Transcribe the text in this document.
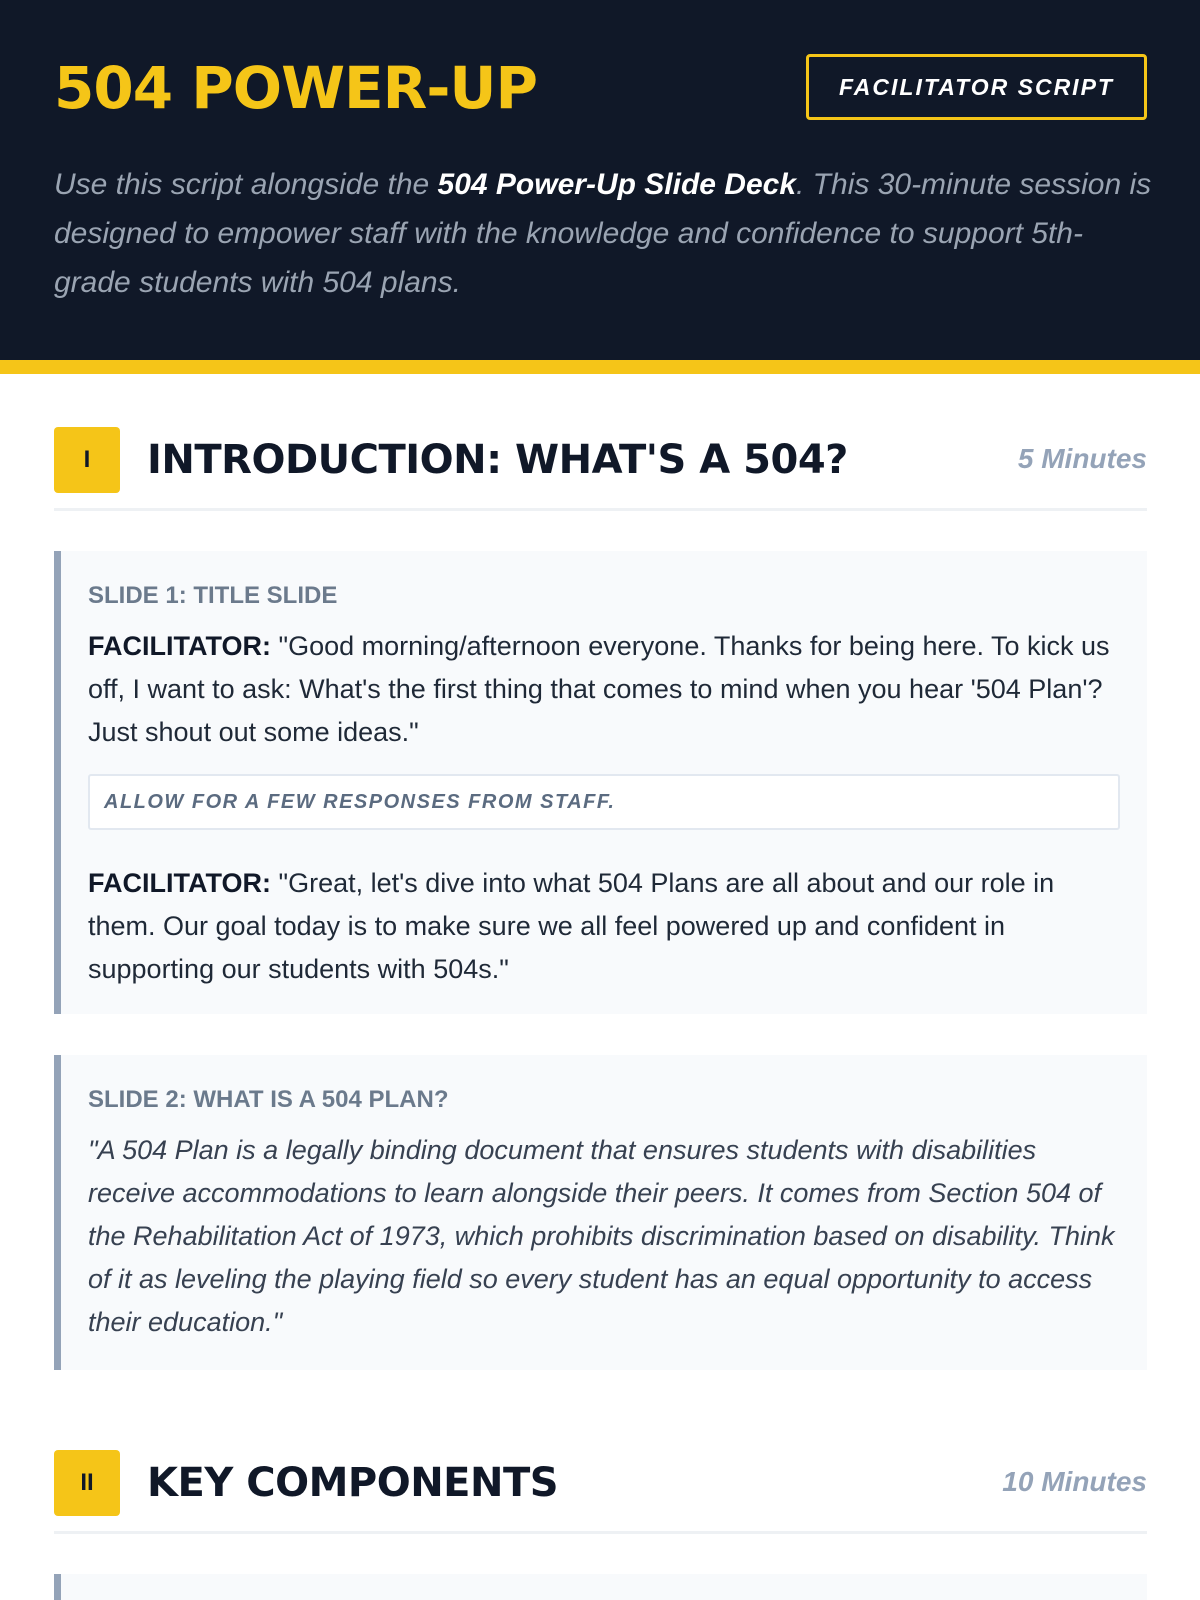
504 POWER-UP	FACILITATOR SCRIPT

Use this script alongside the 504 Power-Up Slide Deck. This 30-minute session is designed to empower staff with the knowledge and confidence to support 5th-grade students with 504 plans.

I	INTRODUCTION: WHAT'S A 504?	5 Minutes
SLIDE 1: TITLE SLIDE

FACILITATOR: "Good morning/afternoon everyone. Thanks for being here. To kick us off, I want to ask: What's the first thing that comes to mind when you hear '504 Plan'? Just shout out some ideas."

ALLOW FOR A FEW RESPONSES FROM STAFF.

FACILITATOR: "Great, let's dive into what 504 Plans are all about and our role in them. Our goal today is to make sure we all feel powered up and confident in supporting our students with 504s."

SLIDE 2: WHAT IS A 504 PLAN?

"A 504 Plan is a legally binding document that ensures students with disabilities receive accommodations to learn alongside their peers. It comes from Section 504 of the Rehabilitation Act of 1973, which prohibits discrimination based on disability. Think of it as leveling the playing field so every student has an equal opportunity to access their education."

II	KEY COMPONENTS	10 Minutes
